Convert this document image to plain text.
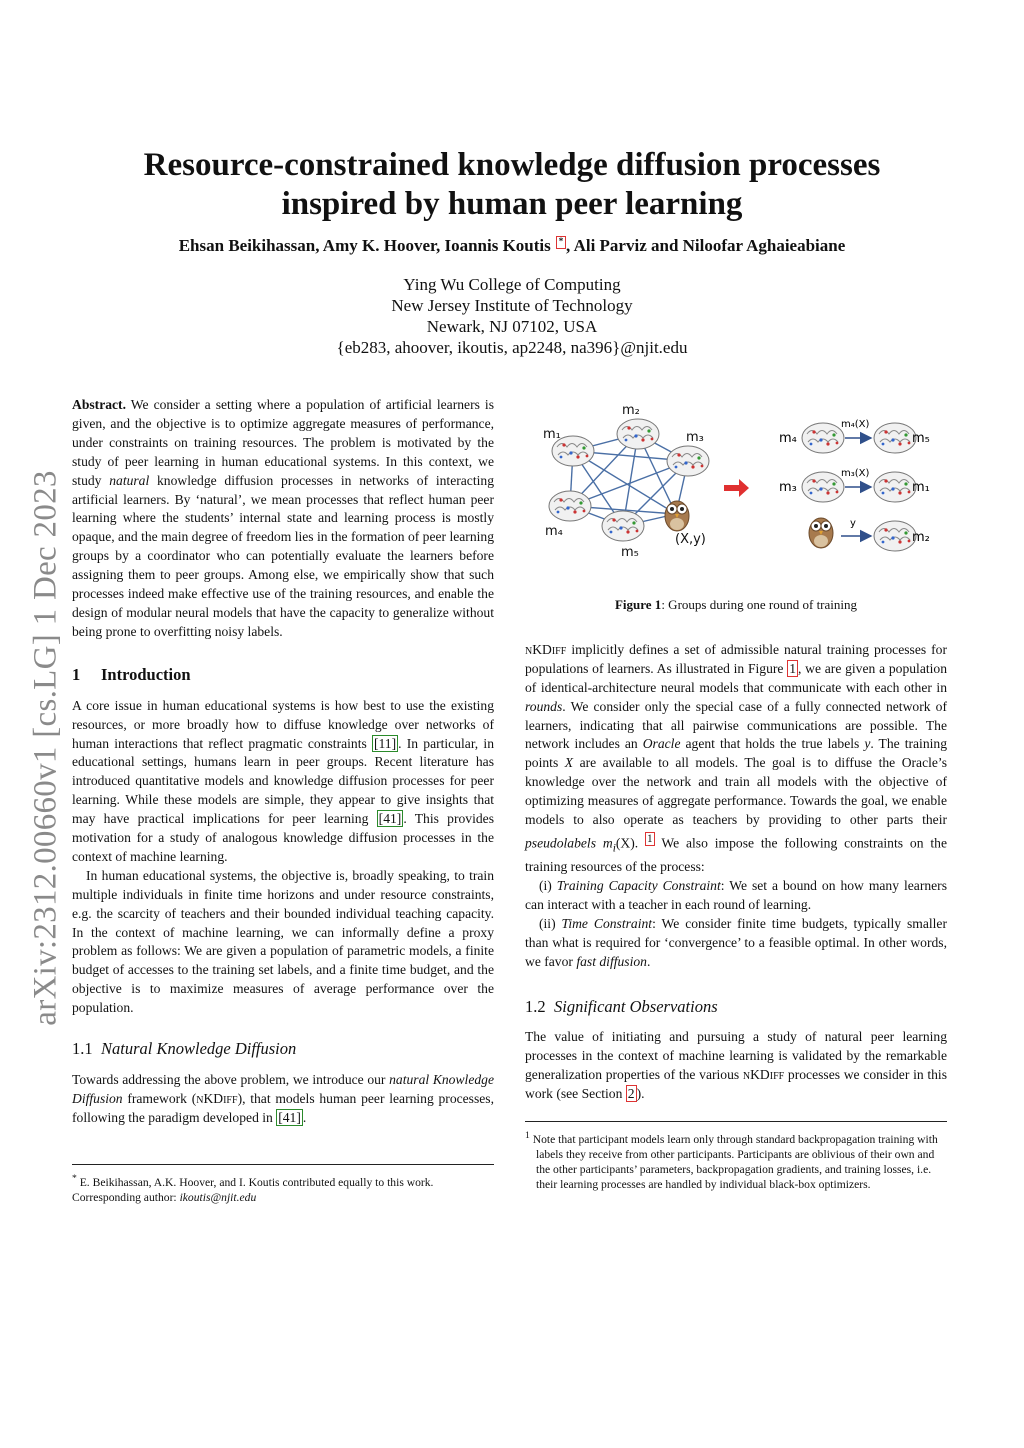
arXiv:2312.00660v1 [cs.LG] 1 Dec 2023
Resource-constrained knowledge diffusion processes
inspired by human peer learning
Ehsan Beikihassan, Amy K. Hoover, Ioannis Koutis * , Ali Parviz and Niloofar Aghaieabiane
Ying Wu College of Computing
New Jersey Institute of Technology
Newark, NJ 07102, USA
{eb283, ahoover, ikoutis, ap2248, na396}@njit.edu

Abstract. We consider a setting where a population of artificial learners is given, and the objective is to optimize aggregate measures of performance, under constraints on training resources. The problem is motivated by the study of peer learning in human educational systems. In this context, we study natural knowledge diffusion processes in networks of interacting artificial learners. By ‘natural’, we mean processes that reflect human peer learning where the students’ internal state and learning process is mostly opaque, and the main degree of freedom lies in the formation of peer learning groups by a coordinator who can potentially evaluate the learners before assigning them to peer groups. Among else, we empirically show that such processes indeed make effective use of the training resources, and enable the design of modular neural models that have the capacity to generalize without being prone to overfitting noisy labels.

1 Introduction

A core issue in human educational systems is how best to use the existing resources, or more broadly how to diffuse knowledge over networks of human interactions that reflect pragmatic constraints [11] . In particular, in educational settings, humans learn in peer groups. Recent literature has introduced quantitative models and knowledge diffusion processes for peer learning. While these models are simple, they appear to give insights that may have practical implications for peer learning [41] . This provides motivation for a study of analogous knowledge diffusion processes in the context of machine learning.

In human educational systems, the objective is, broadly speaking, to train multiple individuals in finite time horizons and under resource constraints, e.g. the scarcity of teachers and their bounded individual teaching capacity. In the context of machine learning, we can informally define a proxy problem as follows: We are given a population of parametric models, a finite budget of accesses to the training set labels, and a finite time budget, and the objective is to maximize measures of average performance over the population.

1.1 Natural Knowledge Diffusion

Towards addressing the above problem, we introduce our natural Knowledge Diffusion framework (nKDiff), that models human peer learning processes, following the paradigm developed in [41] .

* E. Beikihassan, A.K. Hoover, and I. Koutis contributed equally to this work.

Corresponding author: ikoutis@njit.edu

m₁
m₂
m₃
m₄
m₅
(X,y)
m₄
m₄(X)
m₅
m₃
m₃(X)
m₁
y
m₂
Figure 1: Groups during one round of training

nKDiff implicitly defines a set of admissible natural training processes for populations of learners. As illustrated in Figure 1 , we are given a population of identical-architecture neural models that communicate with each other in rounds. We consider only the special case of a fully connected network of learners, indicating that all pairwise communications are possible. The network includes an Oracle agent that holds the true labels y. The training points X are available to all models. The goal is to diffuse the Oracle’s knowledge over the network and train all models with the objective of optimizing measures of aggregate performance. Towards the goal, we enable models to also operate as teachers by providing to other parts their pseudolabels $m_i(X)$. $^1$ We also impose the following constraints on the training resources of the process:

(i) Training Capacity Constraint: We set a bound on how many learners can interact with a teacher in each round of learning.

(ii) Time Constraint: We consider finite time budgets, typically smaller than what is required for ‘convergence’ to a feasible optimal. In other words, we favor fast diffusion.

1.2 Significant Observations

The value of initiating and pursuing a study of natural peer learning processes in the context of machine learning is validated by the remarkable generalization properties of the various nKDiff processes we consider in this work (see Section 2 ).

$^1$ Note that participant models learn only through standard backpropagation training with labels they receive from other participants. Participants are oblivious of their own and the other participants’ parameters, backpropagation gradients, and training losses, i.e. their learning processes are handled by individual black-box optimizers.
